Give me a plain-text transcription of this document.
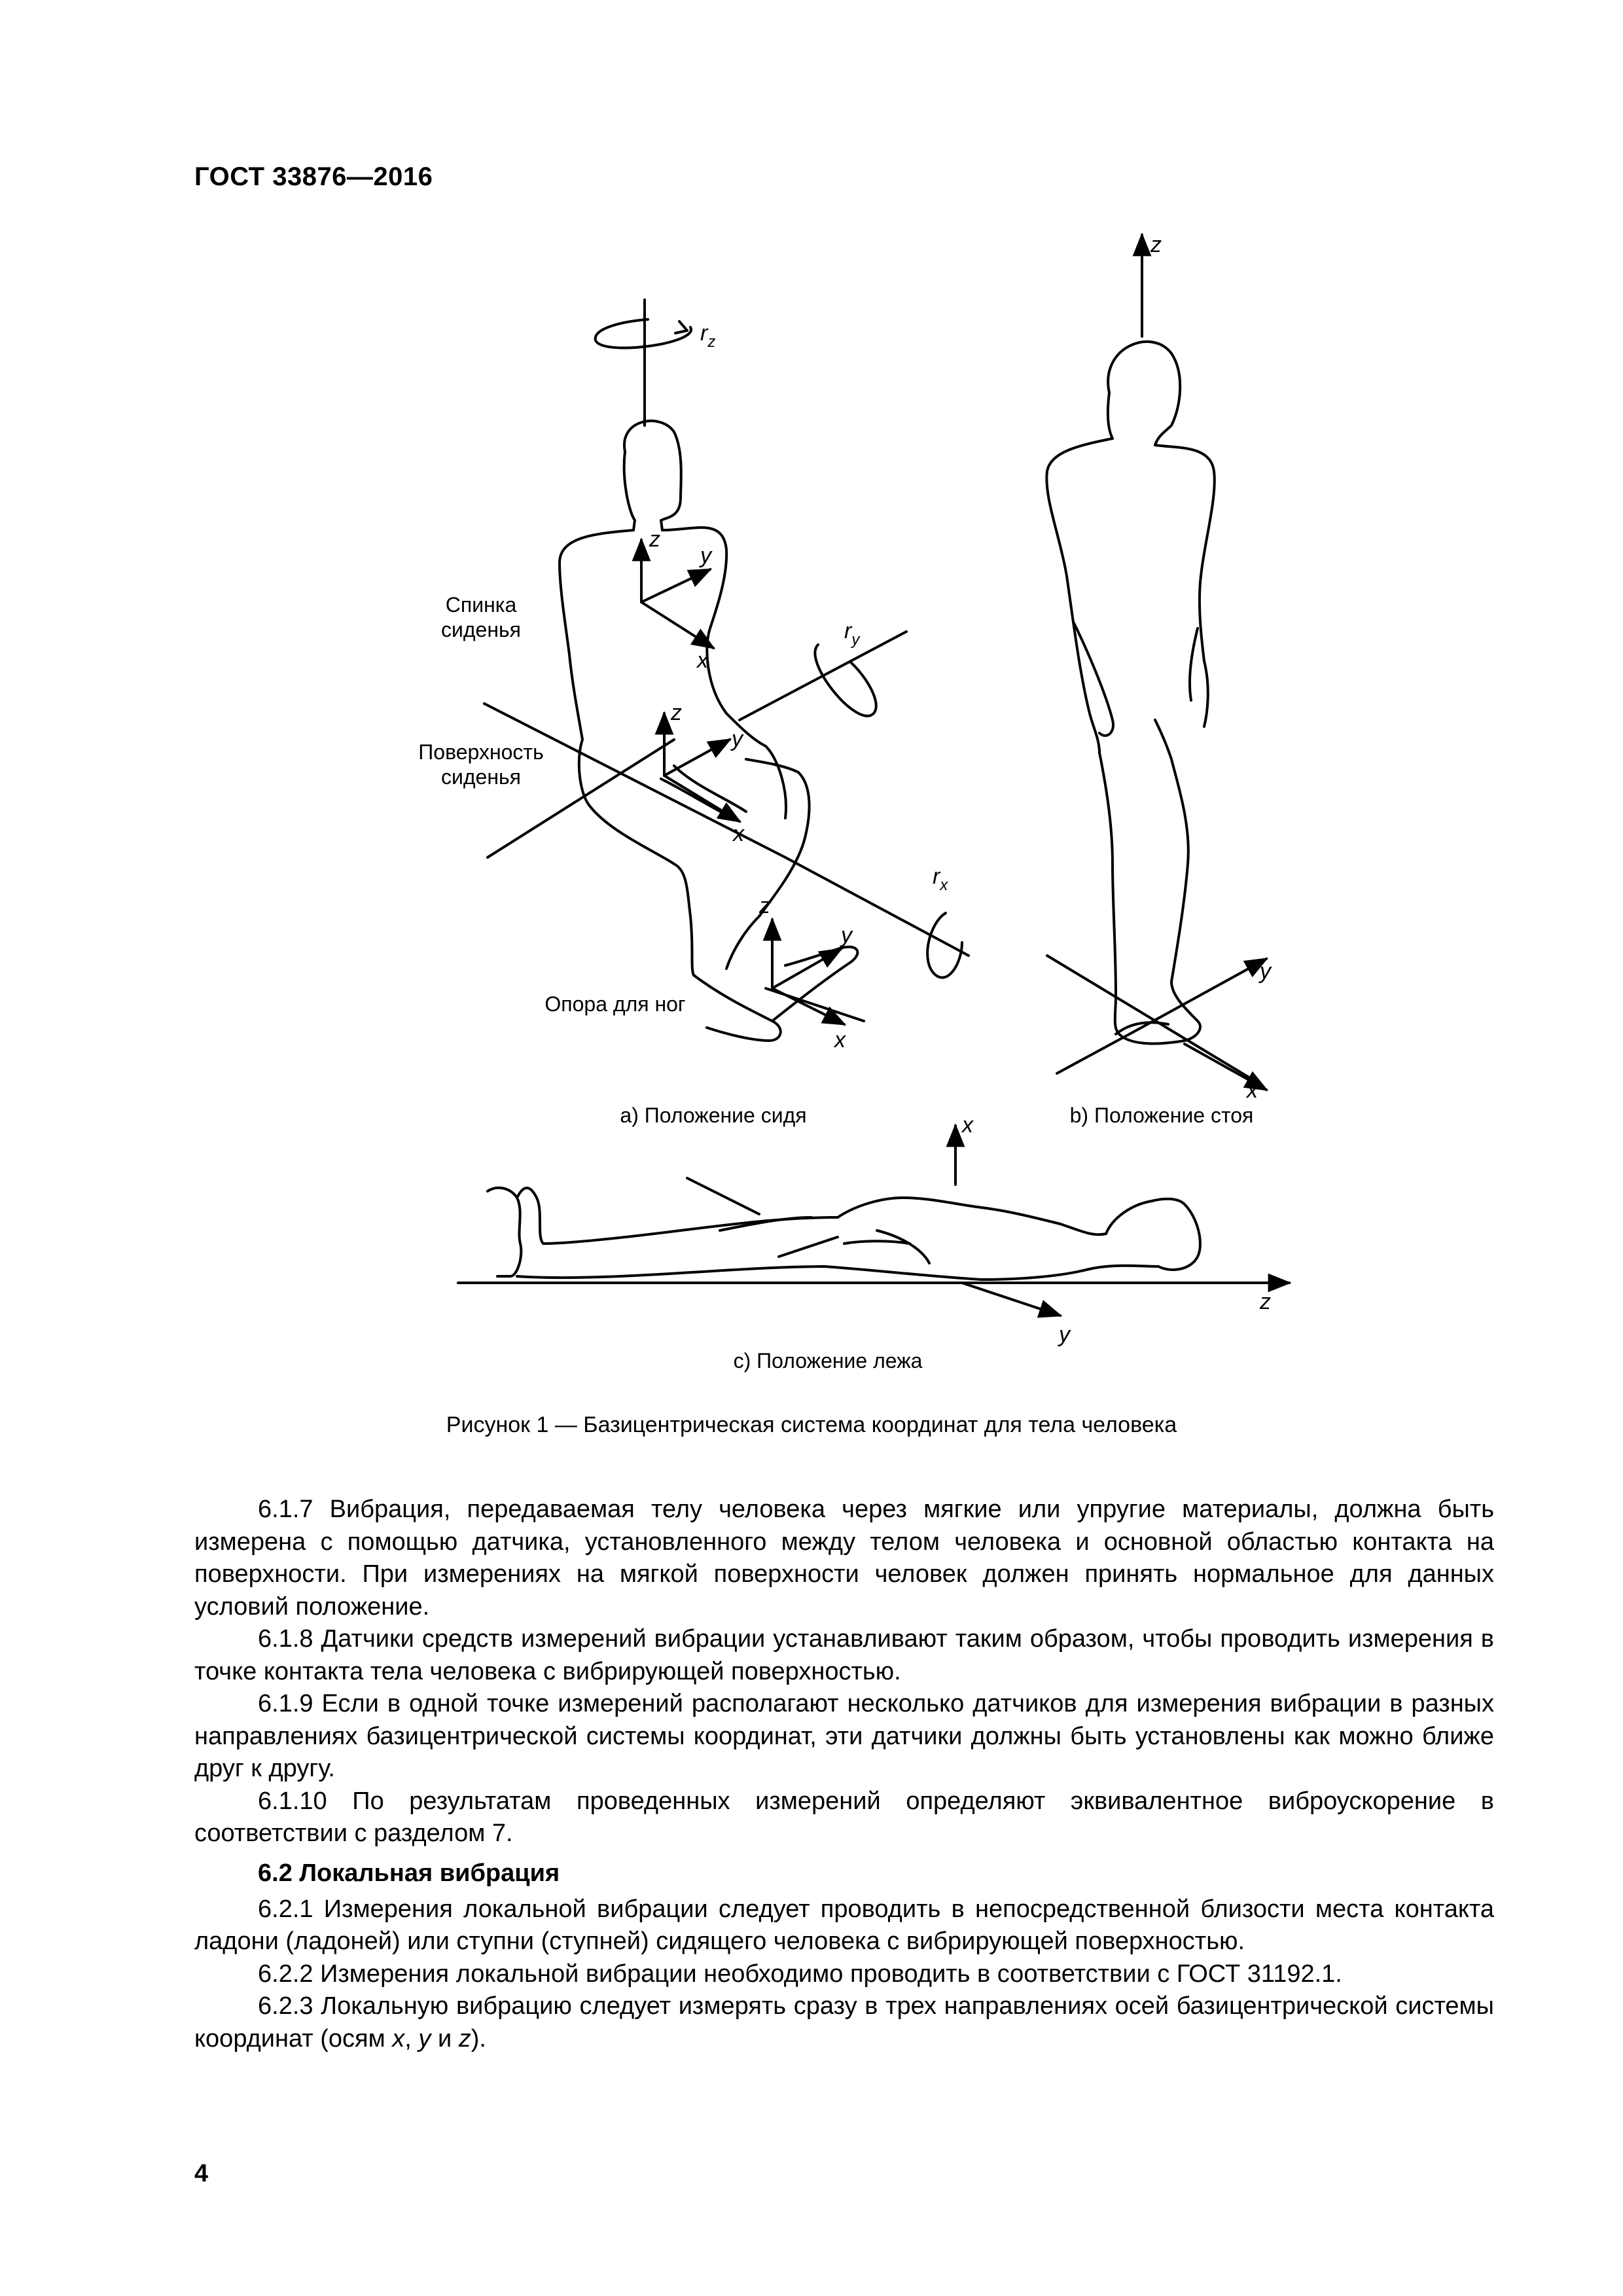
ГОСТ 33876—2016
Спинка
сиденья
Поверхность
сиденья
Опора для ног
a) Положение сидя	b) Положение стоя
c) Положение лежа
$r_z$
$r_y$
$r_x$
z
y
x
z
y
x
z
y
x
z
y
x
x
z
y
Рисунок 1 — Базицентрическая система координат для тела человека

6.1.7 Вибрация, передаваемая телу человека через мягкие или упругие материалы, должна быть измерена с помощью датчика, установленного между телом человека и основной областью контакта на поверхности. При измерениях на мягкой поверхности человек должен принять нормальное для данных условий положение.

6.1.8 Датчики средств измерений вибрации устанавливают таким образом, чтобы проводить измерения в точке контакта тела человека с вибрирующей поверхностью.

6.1.9 Если в одной точке измерений располагают несколько датчиков для измерения вибрации в разных направлениях базицентрической системы координат, эти датчики должны быть установлены как можно ближе друг к другу.

6.1.10 По результатам проведенных измерений определяют эквивалентное виброускорение в соответствии с разделом 7.

6.2 Локальная вибрация

6.2.1 Измерения локальной вибрации следует проводить в непосредственной близости места контакта ладони (ладоней) или ступни (ступней) сидящего человека с вибрирующей поверхностью.

6.2.2 Измерения локальной вибрации необходимо проводить в соответствии с ГОСТ 31192.1.

6.2.3 Локальную вибрацию следует измерять сразу в трех направлениях осей базицентрической системы координат (осям x, y и z).

4
